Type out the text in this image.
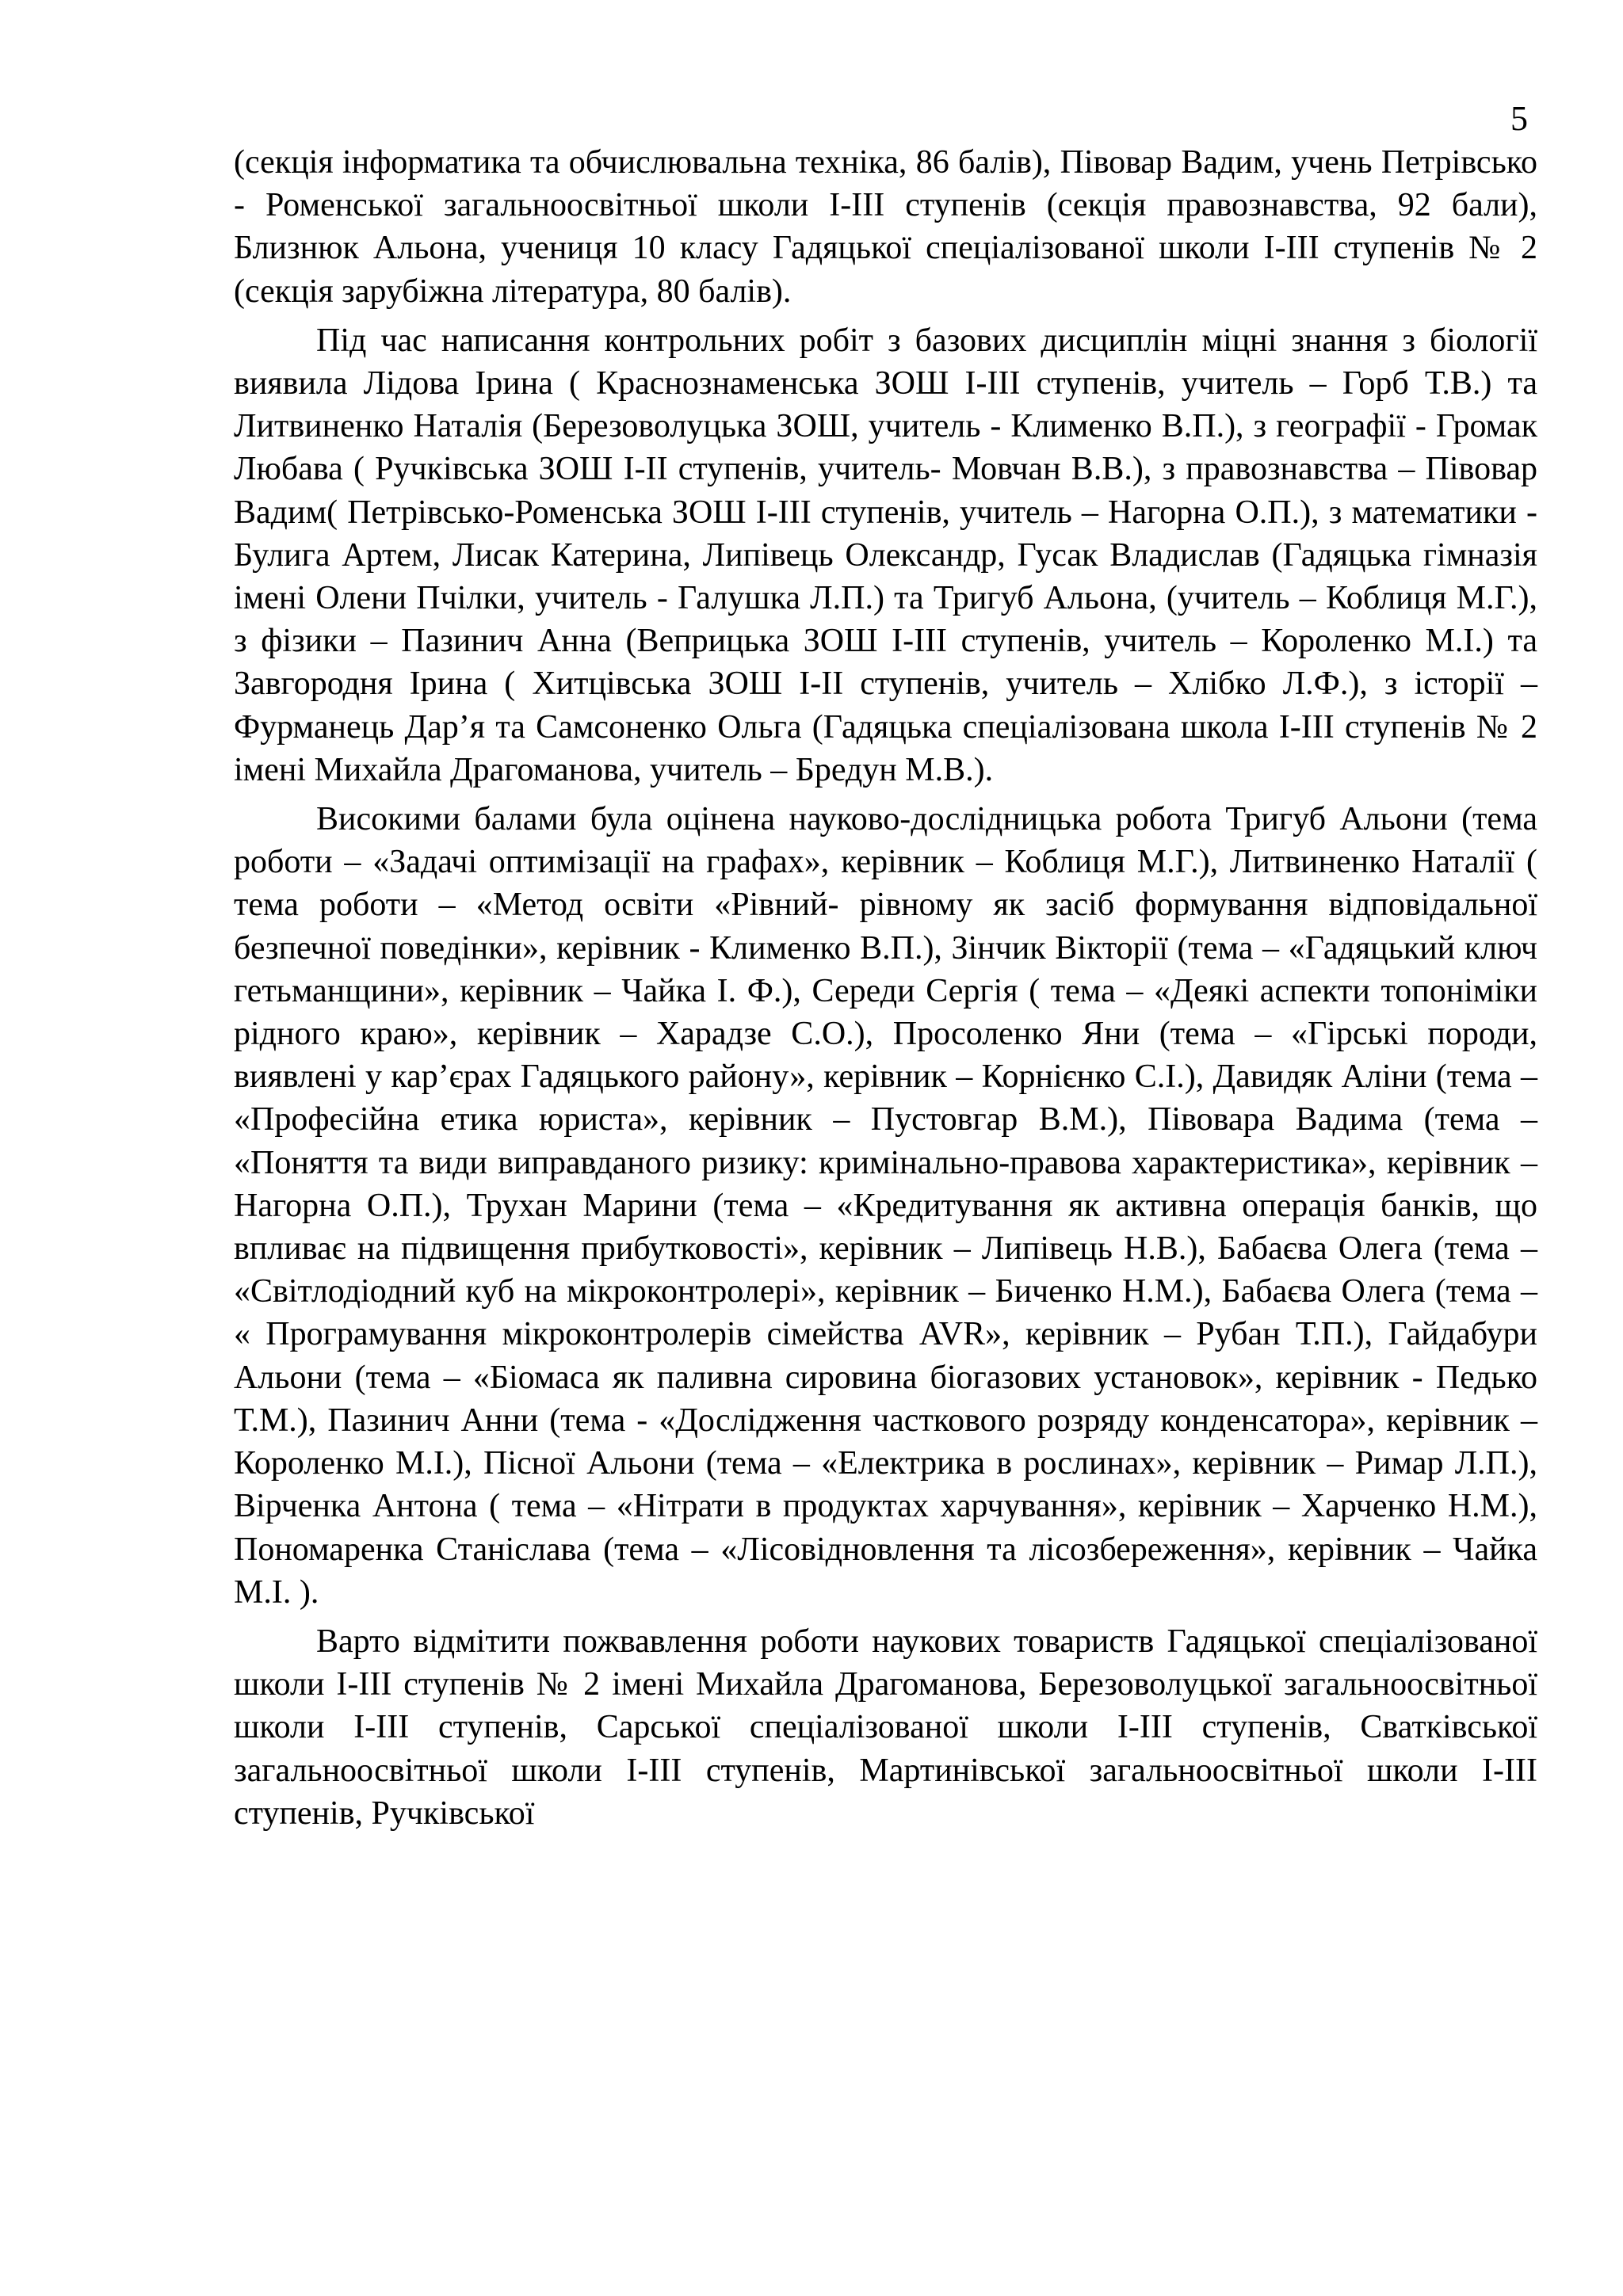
5

(секція інформатика та обчислювальна техніка, 86 балів), Півовар Вадим, учень Петрівсько - Роменської загальноосвітньої школи І-ІІІ ступенів (секція правознавства, 92 бали), Близнюк Альона, учениця 10 класу Гадяцької спеціалізованої школи І-ІІІ ступенів № 2 (секція зарубіжна література, 80 балів).

Під час написання контрольних робіт з базових дисциплін міцні знання з біології виявила Лідова Ірина ( Краснознаменська ЗОШ І-ІІІ ступенів, учитель – Горб Т.В.) та Литвиненко Наталія (Березоволуцька ЗОШ, учитель - Клименко В.П.), з географії - Громак Любава ( Ручківська ЗОШ І-ІІ ступенів, учитель- Мовчан В.В.), з правознавства – Півовар Вадим( Петрівсько-Роменська ЗОШ І-ІІІ ступенів, учитель – Нагорна О.П.), з математики - Булига Артем, Лисак Катерина, Липівець Олександр, Гусак Владислав (Гадяцька гімназія імені Олени Пчілки, учитель - Галушка Л.П.) та Тригуб Альона, (учитель – Коблиця М.Г.), з фізики – Пазинич Анна (Веприцька ЗОШ І-ІІІ ступенів, учитель – Короленко М.І.) та Завгородня Ірина ( Хитцівська ЗОШ І-ІІ ступенів, учитель – Хлібко Л.Ф.), з історії – Фурманець Дар’я та Самсоненко Ольга (Гадяцька спеціалізована школа І-ІІІ ступенів № 2 імені Михайла Драгоманова, учитель – Бредун М.В.).

Високими балами була оцінена науково-дослідницька робота Тригуб Альони (тема роботи – «Задачі оптимізації на графах», керівник – Коблиця М.Г.), Литвиненко Наталії ( тема роботи – «Метод освіти «Рівний- рівному як засіб формування відповідальної безпечної поведінки», керівник - Клименко В.П.), Зінчик Вікторії (тема – «Гадяцький ключ гетьманщини», керівник – Чайка І. Ф.), Середи Сергія ( тема – «Деякі аспекти топоніміки рідного краю», керівник – Харадзе С.О.), Просоленко Яни (тема – «Гірські породи, виявлені у кар’єрах Гадяцького району», керівник – Корнієнко С.І.), Давидяк Аліни (тема – «Професійна етика юриста», керівник – Пустовгар В.М.), Півовара Вадима (тема – «Поняття та види виправданого ризику: кримінально-правова характеристика», керівник – Нагорна О.П.), Трухан Марини (тема – «Кредитування як активна операція банків, що впливає на підвищення прибутковості», керівник – Липівець Н.В.), Бабаєва Олега (тема – «Світлодіодний куб на мікроконтролері», керівник – Биченко Н.М.), Бабаєва Олега (тема – « Програмування мікроконтролерів сімейства AVR», керівник – Рубан Т.П.), Гайдабури Альони (тема – «Біомаса як паливна сировина біогазових установок», керівник - Педько Т.М.), Пазинич Анни (тема - «Дослідження часткового розряду конденсатора», керівник – Короленко М.І.), Пісної Альони (тема – «Електрика в рослинах», керівник – Римар Л.П.), Вірченка Антона ( тема – «Нітрати в продуктах харчування», керівник – Харченко Н.М.), Пономаренка Станіслава (тема – «Лісовідновлення та лісозбереження», керівник – Чайка М.І. ).

Варто відмітити пожвавлення роботи наукових товариств Гадяцької спеціалізованої школи І-ІІІ ступенів № 2 імені Михайла Драгоманова, Березоволуцької загальноосвітньої школи І-ІІІ ступенів, Сарської спеціалізованої школи І-ІІІ ступенів, Сватківської загальноосвітньої школи І-ІІІ ступенів, Мартинівської загальноосвітньої школи І-ІІІ ступенів, Ручківської
